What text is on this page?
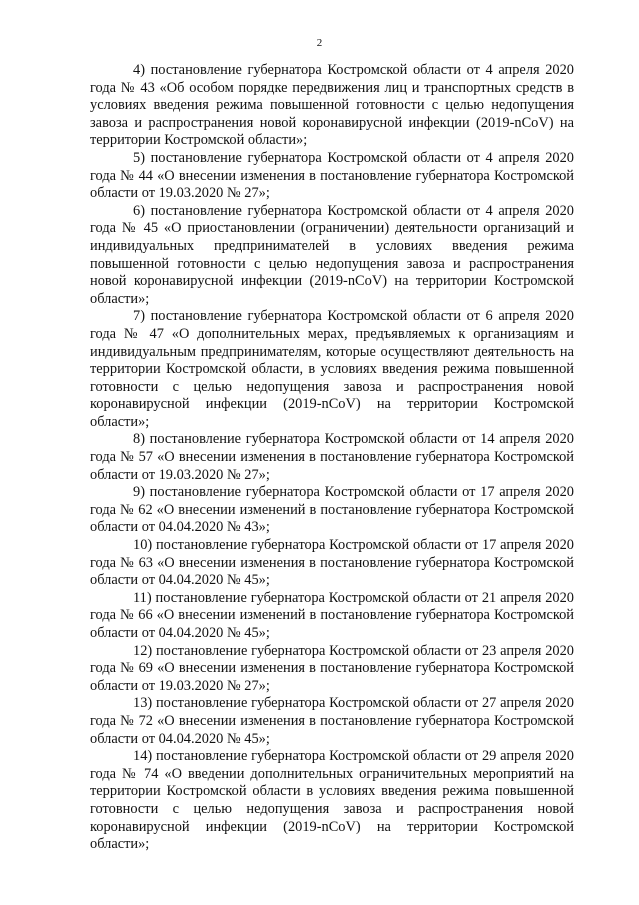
2

4) постановление губернатора Костромской области от 4 апреля 2020 года № 43 «Об особом порядке передвижения лиц и транспортных средств в условиях введения режима повышенной готовности с целью недопущения завоза и распространения новой коронавирусной инфекции (2019-nCoV) на территории Костромской области»;

5) постановление губернатора Костромской области от 4 апреля 2020 года № 44 «О внесении изменения в постановление губернатора Костромской области от 19.03.2020 № 27»;

6) постановление губернатора Костромской области от 4 апреля 2020 года № 45 «О приостановлении (ограничении) деятельности организаций и индивидуальных предпринимателей в условиях введения режима повышенной готовности с целью недопущения завоза и распространения новой коронавирусной инфекции (2019-nCoV) на территории Костромской области»;

7) постановление губернатора Костромской области от 6 апреля 2020 года № 47 «О дополнительных мерах, предъявляемых к организациям и индивидуальным предпринимателям, которые осуществляют деятельность на территории Костромской области, в условиях введения режима повышенной готовности с целью недопущения завоза и распространения новой коронавирусной инфекции (2019-nCoV) на территории Костромской области»;

8) постановление губернатора Костромской области от 14 апреля 2020 года № 57 «О внесении изменения в постановление губернатора Костромской области от 19.03.2020 № 27»;

9) постановление губернатора Костромской области от 17 апреля 2020 года № 62 «О внесении изменений в постановление губернатора Костромской области от 04.04.2020 № 43»;

10) постановление губернатора Костромской области от 17 апреля 2020 года № 63 «О внесении изменения в постановление губернатора Костромской области от 04.04.2020 № 45»;

11) постановление губернатора Костромской области от 21 апреля 2020 года № 66 «О внесении изменений в постановление губернатора Костромской области от 04.04.2020 № 45»;

12) постановление губернатора Костромской области от 23 апреля 2020 года № 69 «О внесении изменения в постановление губернатора Костромской области от 19.03.2020 № 27»;

13) постановление губернатора Костромской области от 27 апреля 2020 года № 72 «О внесении изменения в постановление губернатора Костромской области от 04.04.2020 № 45»;

14) постановление губернатора Костромской области от 29 апреля 2020 года № 74 «О введении дополнительных ограничительных мероприятий на территории Костромской области в условиях введения режима повышенной готовности с целью недопущения завоза и распространения новой коронавирусной инфекции (2019-nCoV) на территории Костромской области»;
